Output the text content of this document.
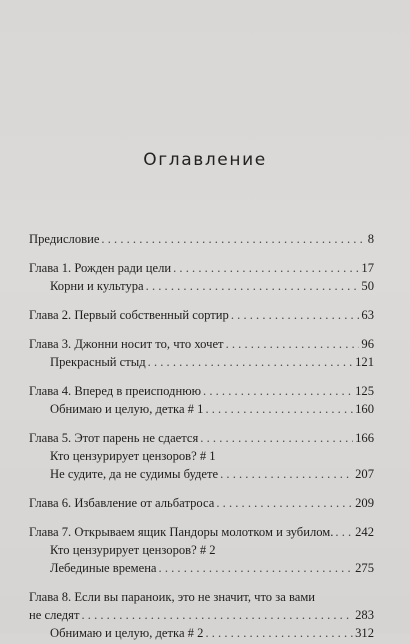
Оглавление
Предисловие . . .	8
Глава 1. Рожден ради цели . . .	17
Корни и культура . . .	50
Глава 2. Первый собственный сортир . . .	63
Глава 3. Джонни носит то, что хочет . . .	96
Прекрасный стыд . . .	121
Глава 4. Вперед в преисподнюю . . .	125
Обнимаю и целую, детка # 1 . . .	160
Глава 5. Этот парень не сдается . . .	166
Кто цензурирует цензоров? # 1
Не судите, да не судимы будете . . .	207
Глава 6. Избавление от альбатроса . . .	209
Глава 7. Открываем ящик Пандоры молотком и зубилом. . . . 242
Кто цензурирует цензоров? # 2
Лебединые времена . . .	275
Глава 8. Если вы параноик, это не значит, что за вами
не следят . . .	283
Обнимаю и целую, детка # 2 . . .	312
